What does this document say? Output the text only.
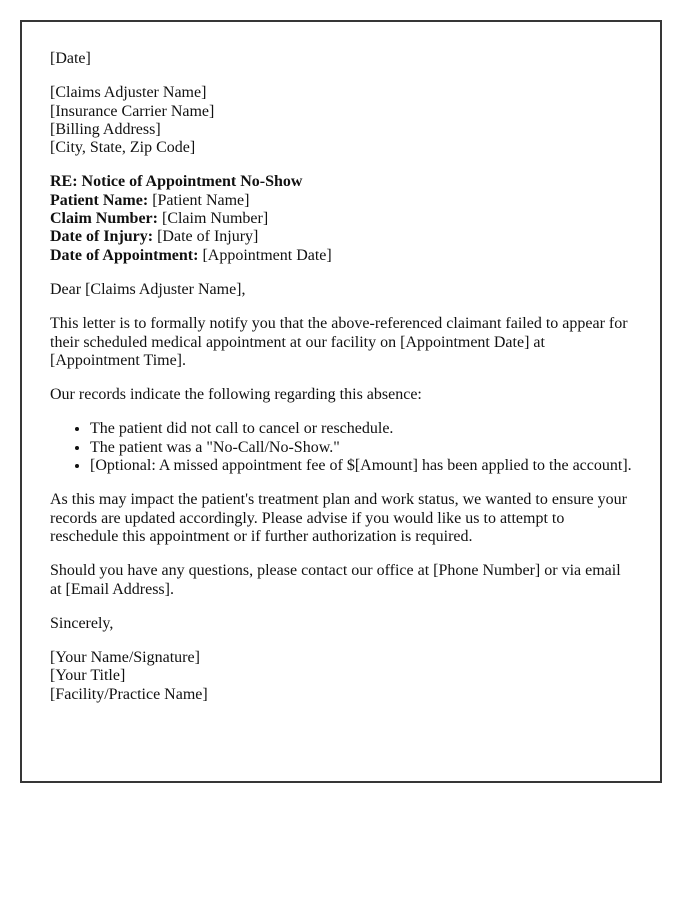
[Date]

[Claims Adjuster Name]
[Insurance Carrier Name]
[Billing Address]
[City, State, Zip Code]

RE: Notice of Appointment No-Show
Patient Name: [Patient Name]
Claim Number: [Claim Number]
Date of Injury: [Date of Injury]
Date of Appointment: [Appointment Date]

Dear [Claims Adjuster Name],

This letter is to formally notify you that the above-referenced claimant failed to appear for
their scheduled medical appointment at our facility on [Appointment Date] at
[Appointment Time].

Our records indicate the following regarding this absence:

• The patient did not call to cancel or reschedule.
• The patient was a "No-Call/No-Show."
• [Optional: A missed appointment fee of $[Amount] has been applied to the account].

As this may impact the patient's treatment plan and work status, we wanted to ensure your
records are updated accordingly. Please advise if you would like us to attempt to
reschedule this appointment or if further authorization is required.

Should you have any questions, please contact our office at [Phone Number] or via email
at [Email Address].

Sincerely,

[Your Name/Signature]
[Your Title]
[Facility/Practice Name]
